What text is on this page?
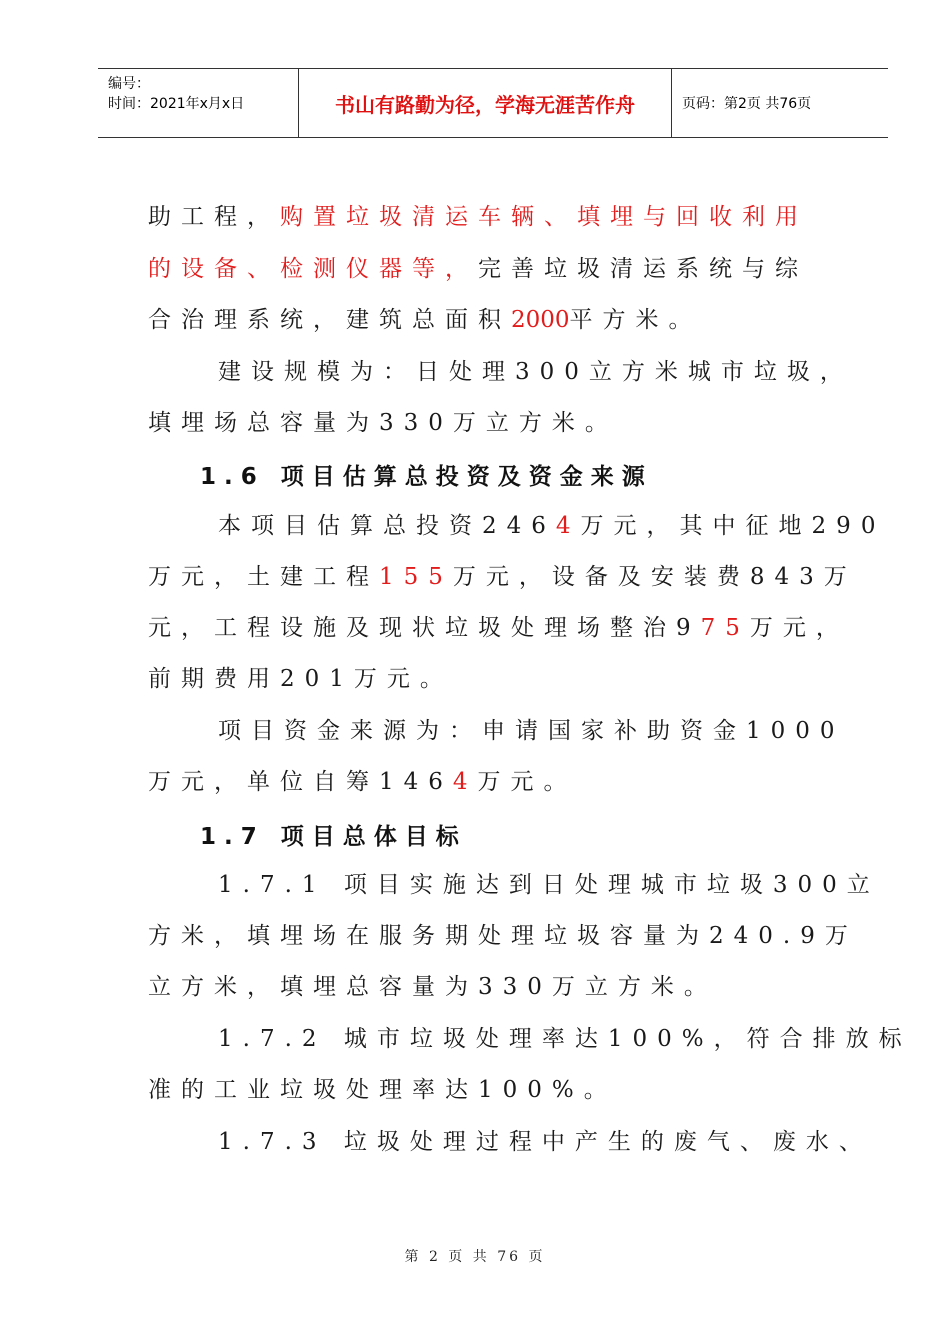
编号：
时间：2021年x月x日	书山有路勤为径，学海无涯苦作舟	页码：第2页 共76页
助工程，购置垃圾清运车辆、填埋与回收利用
的设备、检测仪器等，完善垃圾清运系统与综
合治理系统，建筑总面积2000平方米。
建设规模为：日处理300立方米城市垃圾，
填埋场总容量为330万立方米。
1.6 项目估算总投资及资金来源
本项目估算总投资2464万元，其中征地290
万元，土建工程155万元，设备及安装费843万
元，工程设施及现状垃圾处理场整治975万元，
前期费用201万元。
项目资金来源为：申请国家补助资金1000
万元，单位自筹1464万元。
1.7 项目总体目标
1.7.1 项目实施达到日处理城市垃圾300立
方米，填埋场在服务期处理垃圾容量为240.9万
立方米，填埋总容量为330万立方米。
1.7.2 城市垃圾处理率达100%，符合排放标
准的工业垃圾处理率达100%。
1.7.3 垃圾处理过程中产生的废气、废水、
第 2 页 共 76 页
